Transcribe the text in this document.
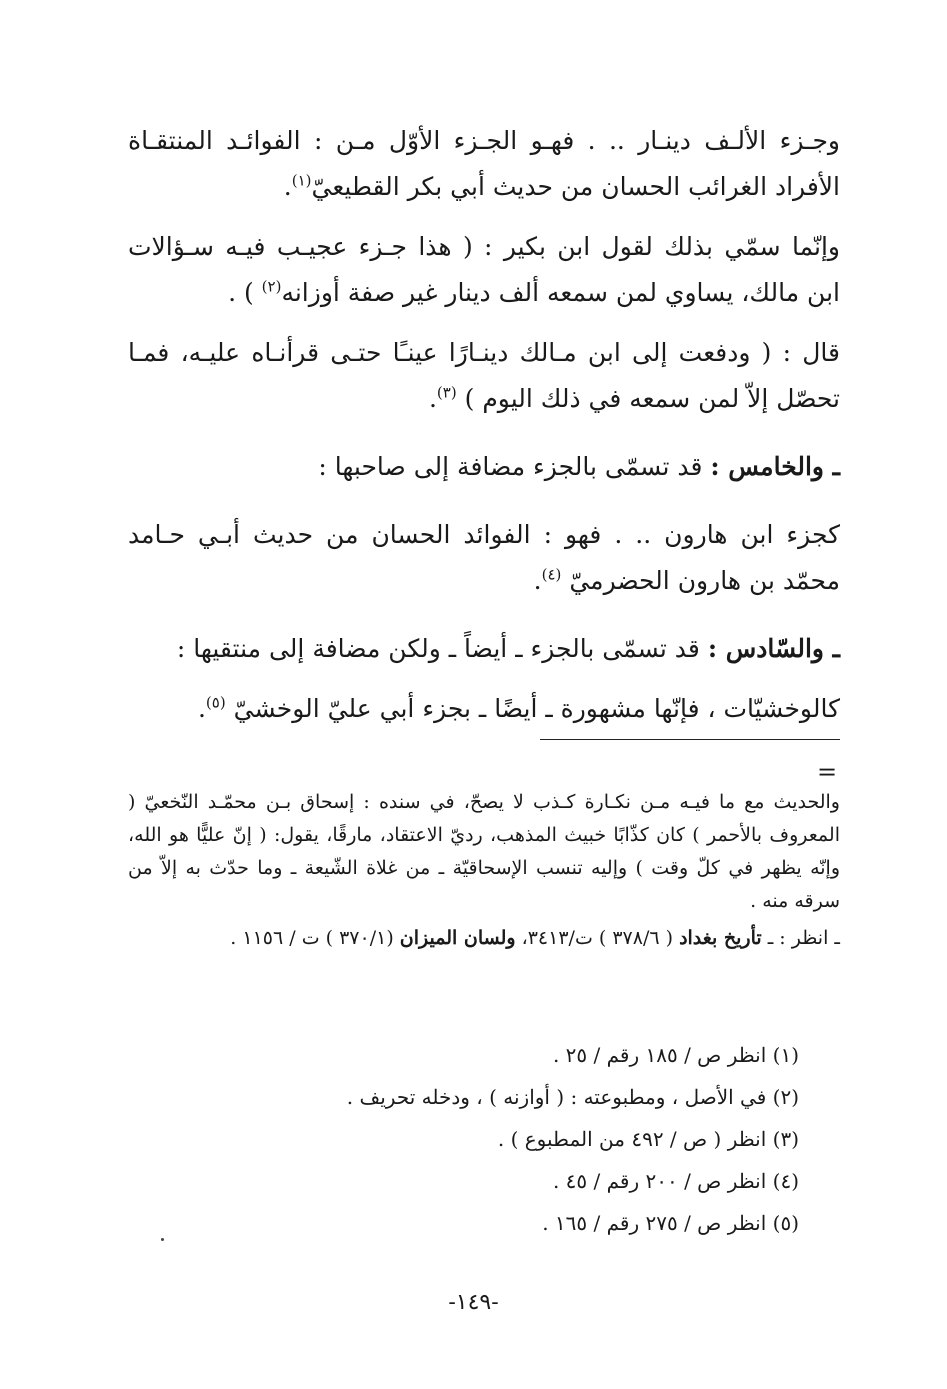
وجـزء الألـف دينـار .. . فهـو الجـزء الأوّل مـن : الفوائـد المنتقـاة الأفراد الغرائب الحسان من حديث أبي بكر القطيعيّ$^{(١)}$.

وإنّما سمّي بذلك لقول ابن بكير : ( هذا جـزء عجيـب فيـه سـؤالات ابن مالك، يساوي لمن سمعه ألف دينار غير صفة أوزانه$^{(٢)}$ ) .

قال : ( ودفعت إلى ابن مـالك دينـارًا عينـًا حتـى قرأنـاه عليـه، فمـا تحصّل إلاّ لمن سمعه في ذلك اليوم ) $^{(٣)}$.

ـ والخامس : قد تسمّى بالجزء مضافة إلى صاحبها :

كجزء ابن هارون .. . فهو : الفوائد الحسان من حديث أبـي حـامد محمّد بن هارون الحضرميّ $^{(٤)}$.

ـ والسّادس : قد تسمّى بالجزء ـ أيضاً ـ ولكن مضافة إلى منتقيها :

كالوخشيّات ، فإنّها مشهورة ـ أيضًا ـ بجزء أبي عليّ الوخشيّ $^{(٥)}$.

=

والحديث مع ما فيـه مـن نكـارة كـذب لا يصحّ، في سنده : إسحاق بـن محمّـد النّخعيّ ( المعروف بالأحمر ) كان كذّابًا خبيث المذهب، رديّ الاعتقاد، مارقًا، يقول: ( إنّ عليًّا هو الله، وإنّه يظهر في كلّ وقت ) وإليه تنسب الإسحاقيّة ـ من غلاة الشّيعة ـ وما حدّث به إلاّ من سرقه منه .

ـ انظر : ـ تأريخ بغداد ( ٣٧٨/٦ ) ت/٣٤١٣، ولسان الميزان (٣٧٠/١ ) ت / ١١٥٦ .

(١) انظر ص / ١٨٥ رقم / ٢٥ .
(٢) في الأصل ، ومطبوعته : ( أوازنه ) ، ودخله تحريف .
(٣) انظر ( ص / ٤٩٢ من المطبوع ) .
(٤) انظر ص / ٢٠٠ رقم / ٤٥ .
(٥) انظر ص / ٢٧٥ رقم / ١٦٥ .
-١٤٩-
